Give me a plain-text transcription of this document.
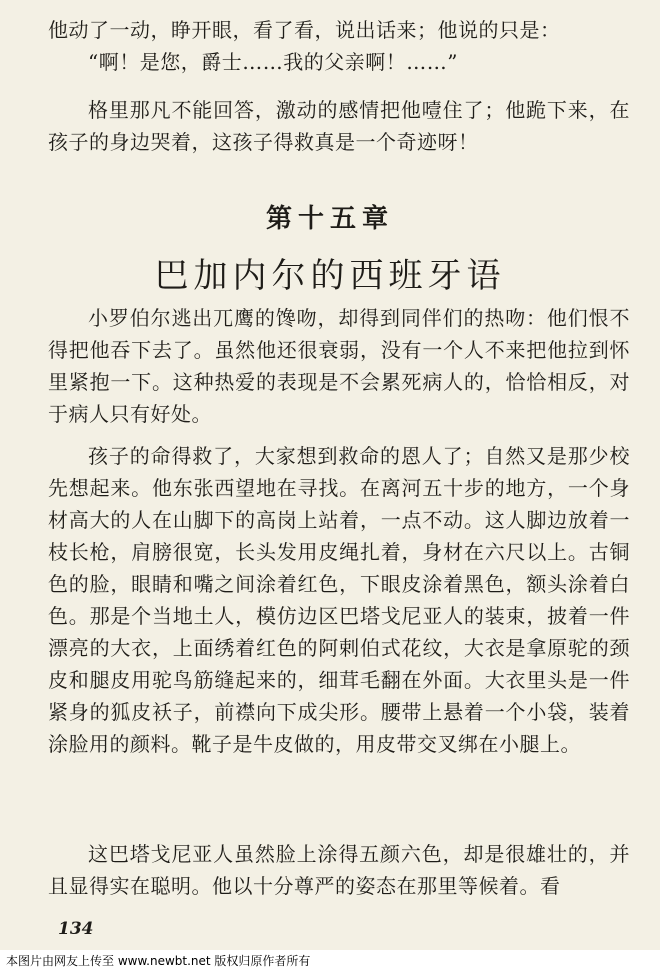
他动了一动，睁开眼，看了看，说出话来；他说的只是：

“啊！是您，爵士……我的父亲啊！……”

格里那凡不能回答，激动的感情把他噎住了；他跪下来，在孩子的身边哭着，这孩子得救真是一个奇迹呀！

第十五章
巴加内尔的西班牙语

小罗伯尔逃出兀鹰的馋吻，却得到同伴们的热吻：他们恨不得把他吞下去了。虽然他还很衰弱，没有一个人不来把他拉到怀里紧抱一下。这种热爱的表现是不会累死病人的，恰恰相反，对于病人只有好处。

孩子的命得救了，大家想到救命的恩人了；自然又是那少校先想起来。他东张西望地在寻找。在离河五十步的地方，一个身材高大的人在山脚下的高岗上站着，一点不动。这人脚边放着一枝长枪，肩膀很宽，长头发用皮绳扎着，身材在六尺以上。古铜色的脸，眼睛和嘴之间涂着红色，下眼皮涂着黑色，额头涂着白色。那是个当地土人，模仿边区巴塔戈尼亚人的装束，披着一件漂亮的大衣，上面绣着红色的阿剌伯式花纹，大衣是拿原驼的颈皮和腿皮用驼鸟筋缝起来的，细茸毛翻在外面。大衣里头是一件紧身的狐皮袄子，前襟向下成尖形。腰带上悬着一个小袋，装着涂脸用的颜料。靴子是牛皮做的，用皮带交叉绑在小腿上。

这巴塔戈尼亚人虽然脸上涂得五颜六色，却是很雄壮的，并且显得实在聪明。他以十分尊严的姿态在那里等候着。看

134

本图片由网友上传至 www.newbt.net 版权归原作者所有
